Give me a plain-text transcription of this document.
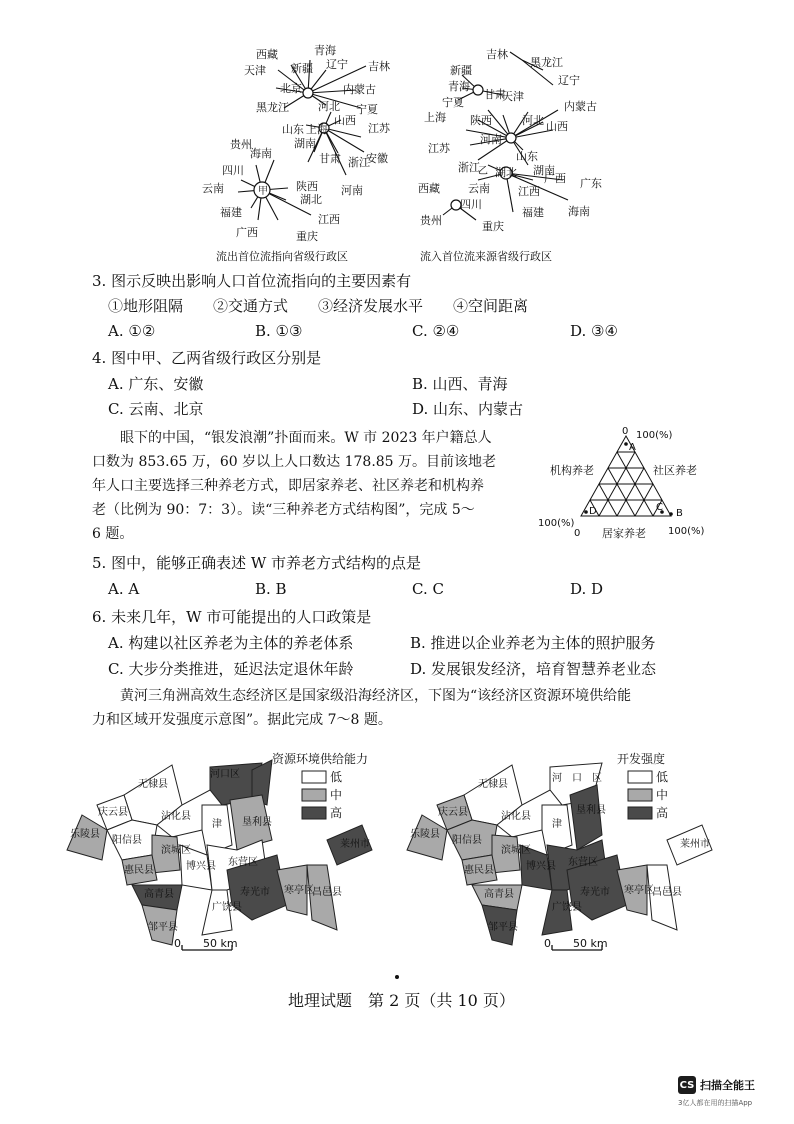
西藏	青海
天津 新疆 辽宁 吉林
北京	内蒙古
黑龙江	宁夏
河北
山西
江苏
山东 上海
湖南
贵州
海南	甘肃 浙江
安徽
四川
陕西 河南
云南	甲
湖北
福建
江西
广西	重庆
流出首位流指向省级行政区
吉林
黑龙江
新疆
辽宁
青海
天津
宁夏
甘肃
内蒙古
上海 陕西	河北 山西
河南
江苏
山东
浙江	湖南
乙 湖北 广西 广东
西藏	云南	江西
四川
福建 海南
贵州	重庆
流入首位流来源省级行政区
3. 图示反映出影响人口首位流指向的主要因素有
①地形阻隔　　②交通方式　　③经济发展水平　　④空间距离
A. ①②	B. ①③	C. ②④	D. ③④
4. 图中甲、乙两省级行政区分别是
A. 广东、安徽	B. 山西、青海
C. 云南、北京	D. 山东、内蒙古
眼下的中国，“银发浪潮”扑面而来。W 市 2023 年户籍总人
口数为 853.65 万，60 岁以上人口数达 178.85 万。目前该地老
年人口主要选择三种养老方式，即居家养老、社区养老和机构养
老（比例为 90：7：3）。读“三种养老方式结构图”，完成 5～
6 题。
A
B
C
D
0 100(%)
机构养老	社区养老
100(%)
0 居家养老 100(%)
5. 图中，能够正确表述 W 市养老方式结构的点是
A. A	B. B	C. C	D. D
6. 未来几年，W 市可能提出的人口政策是
A. 构建以社区养老为主体的养老体系	B. 推进以企业养老为主体的照护服务
C. 大步分类推进，延迟法定退休年龄	D. 发展银发经济，培育智慧养老业态
黄河三角洲高效生态经济区是国家级沿海经济区，下图为“该经济区资源环境供给能
力和区域开发强度示意图”。据此完成 7～8 题。
无棣县
河口区
庆云县	沾化县
津 垦利县
乐陵县
阳信县
滨城区
惠民县	博兴县 东营区
高青县
广饶县
寿光市 寒亭区
昌邑县
莱州市
邹平县
0　　50 km
资源环境供给能力
低
中
高
无棣县
河　口　区
庆云县	沾化县
津
垦利县
乐陵县
阳信县
滨城区
惠民县	博兴县 东营区
高青县
广饶县
寿光市 寒亭区
昌邑县
莱州市
邹平县
0　　50 km
开发强度
低
中
高
地理试题　第 2 页（共 10 页）
CS 扫描全能王
3亿人都在用的扫描App
